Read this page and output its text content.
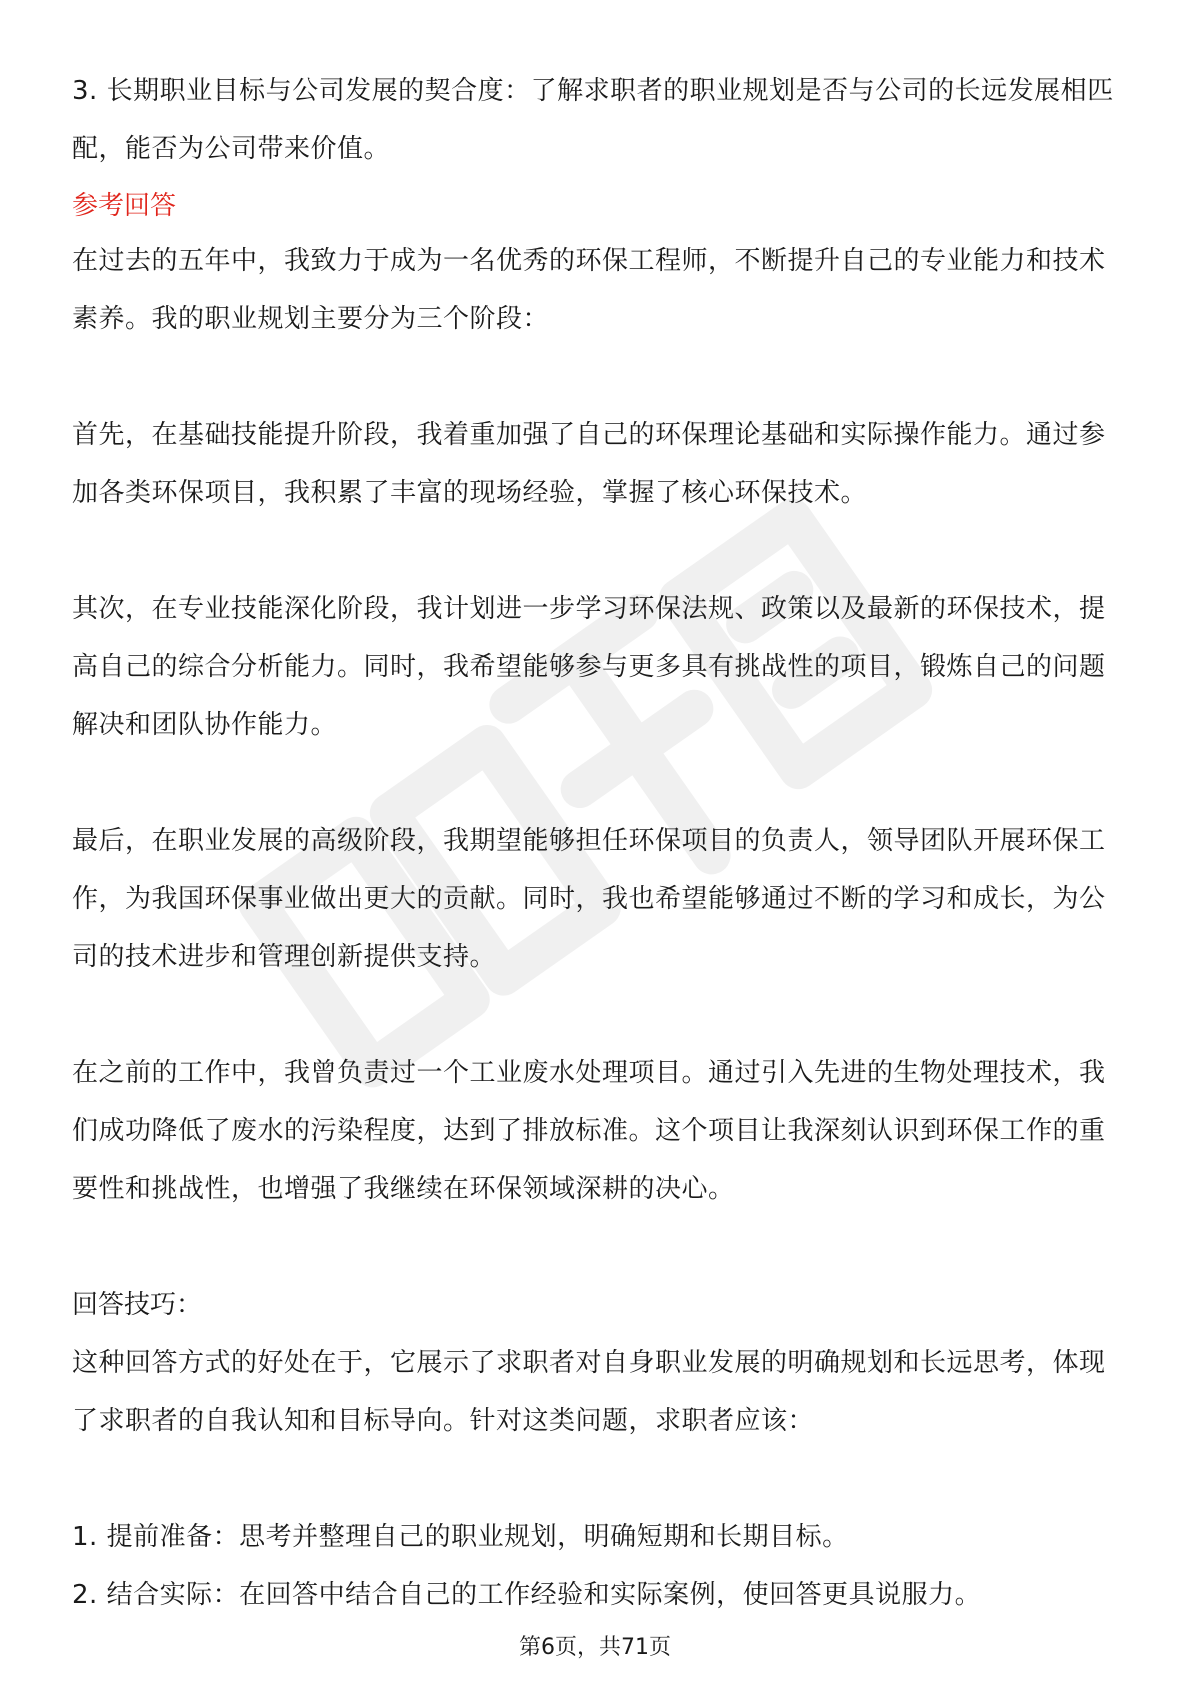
3. 长期职业目标与公司发展的契合度：了解求职者的职业规划是否与公司的长远发展相匹配，能否为公司带来价值。

参考回答

在过去的五年中，我致力于成为一名优秀的环保工程师，不断提升自己的专业能力和技术素养。我的职业规划主要分为三个阶段：

首先，在基础技能提升阶段，我着重加强了自己的环保理论基础和实际操作能力。通过参加各类环保项目，我积累了丰富的现场经验，掌握了核心环保技术。

其次，在专业技能深化阶段，我计划进一步学习环保法规、政策以及最新的环保技术，提高自己的综合分析能力。同时，我希望能够参与更多具有挑战性的项目，锻炼自己的问题解决和团队协作能力。

最后，在职业发展的高级阶段，我期望能够担任环保项目的负责人，领导团队开展环保工作，为我国环保事业做出更大的贡献。同时，我也希望能够通过不断的学习和成长，为公司的技术进步和管理创新提供支持。

在之前的工作中，我曾负责过一个工业废水处理项目。通过引入先进的生物处理技术，我们成功降低了废水的污染程度，达到了排放标准。这个项目让我深刻认识到环保工作的重要性和挑战性，也增强了我继续在环保领域深耕的决心。

回答技巧：

这种回答方式的好处在于，它展示了求职者对自身职业发展的明确规划和长远思考，体现了求职者的自我认知和目标导向。针对这类问题，求职者应该：

1. 提前准备：思考并整理自己的职业规划，明确短期和长期目标。

2. 结合实际：在回答中结合自己的工作经验和实际案例，使回答更具说服力。

第6页，共71页
